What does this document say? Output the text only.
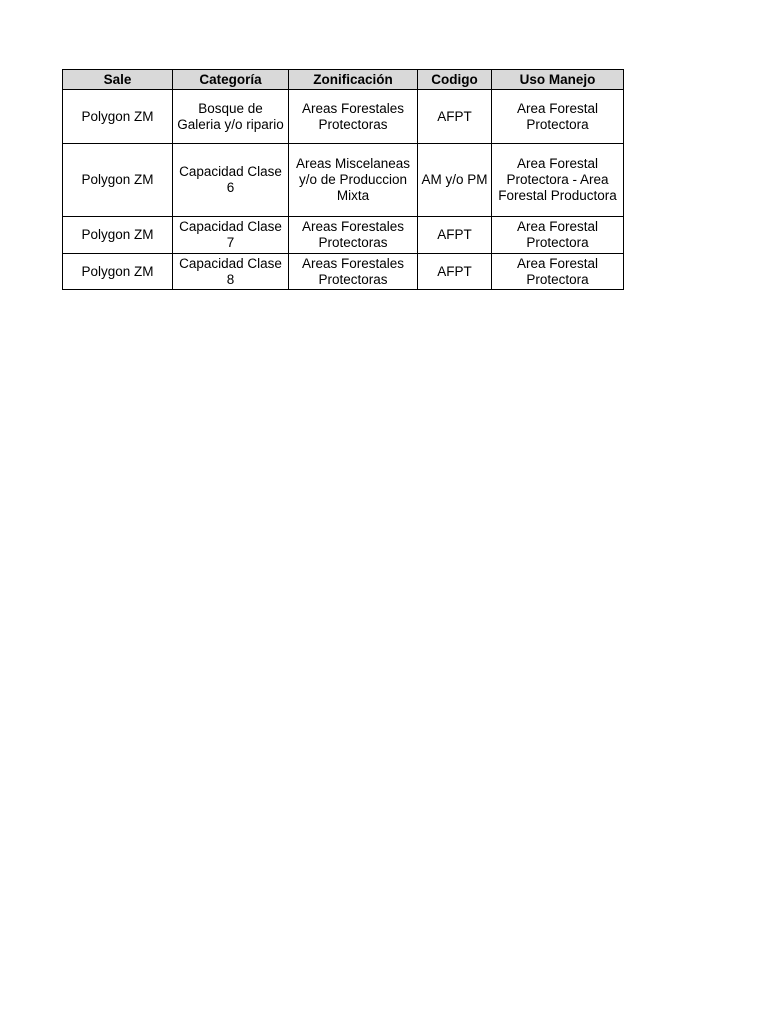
Sale	Categoría	Zonificación	Codigo	Uso Manejo
Polygon ZM	Bosque de Galeria y/o ripario	Areas Forestales Protectoras	AFPT	Area Forestal Protectora
Polygon ZM	Capacidad Clase 6	Areas Miscelaneas y/o de Produccion Mixta	AM y/o PM	Area Forestal Protectora - Area Forestal Productora
Polygon ZM	Capacidad Clase 7	Areas Forestales Protectoras	AFPT	Area Forestal Protectora
Polygon ZM	Capacidad Clase 8	Areas Forestales Protectoras	AFPT	Area Forestal Protectora
